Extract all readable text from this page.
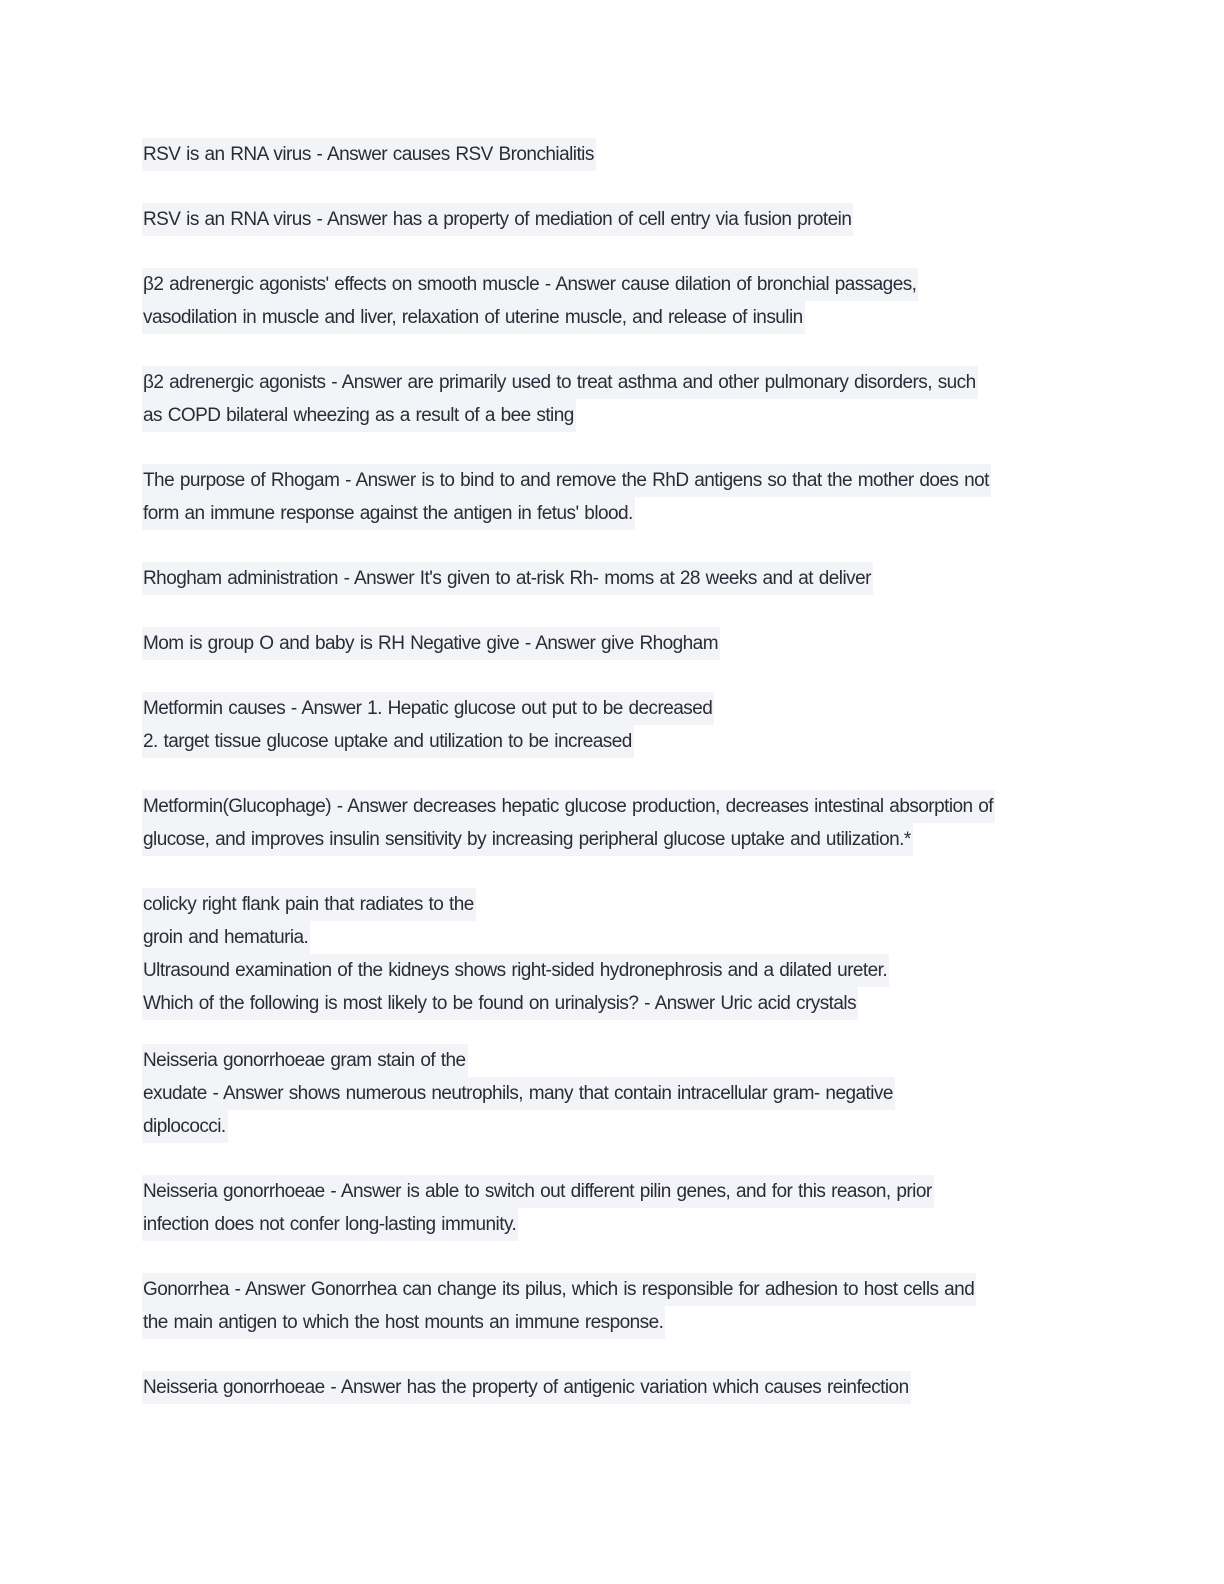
RSV is an RNA virus - Answer causes RSV Bronchialitis
RSV is an RNA virus - Answer has a property of mediation of cell entry via fusion protein
β2 adrenergic agonists' effects on smooth muscle - Answer cause dilation of bronchial passages,
vasodilation in muscle and liver, relaxation of uterine muscle, and release of insulin
β2 adrenergic agonists - Answer are primarily used to treat asthma and other pulmonary disorders, such
as COPD bilateral wheezing as a result of a bee sting
The purpose of Rhogam - Answer is to bind to and remove the RhD antigens so that the mother does not
form an immune response against the antigen in fetus' blood.
Rhogham administration - Answer It's given to at-risk Rh- moms at 28 weeks and at deliver
Mom is group O and baby is RH Negative give - Answer give Rhogham
Metformin causes - Answer 1. Hepatic glucose out put to be decreased
2. target tissue glucose uptake and utilization to be increased
Metformin(Glucophage) - Answer decreases hepatic glucose production, decreases intestinal absorption of
glucose, and improves insulin sensitivity by increasing peripheral glucose uptake and utilization.*
colicky right flank pain that radiates to the
groin and hematuria.
Ultrasound examination of the kidneys shows right-sided hydronephrosis and a dilated ureter.
Which of the following is most likely to be found on urinalysis? - Answer Uric acid crystals
Neisseria gonorrhoeae gram stain of the
exudate - Answer shows numerous neutrophils, many that contain intracellular gram- negative
diplococci.
Neisseria gonorrhoeae - Answer is able to switch out different pilin genes, and for this reason, prior
infection does not confer long-lasting immunity.
Gonorrhea - Answer Gonorrhea can change its pilus, which is responsible for adhesion to host cells and
the main antigen to which the host mounts an immune response.
Neisseria gonorrhoeae - Answer has the property of antigenic variation which causes reinfection
